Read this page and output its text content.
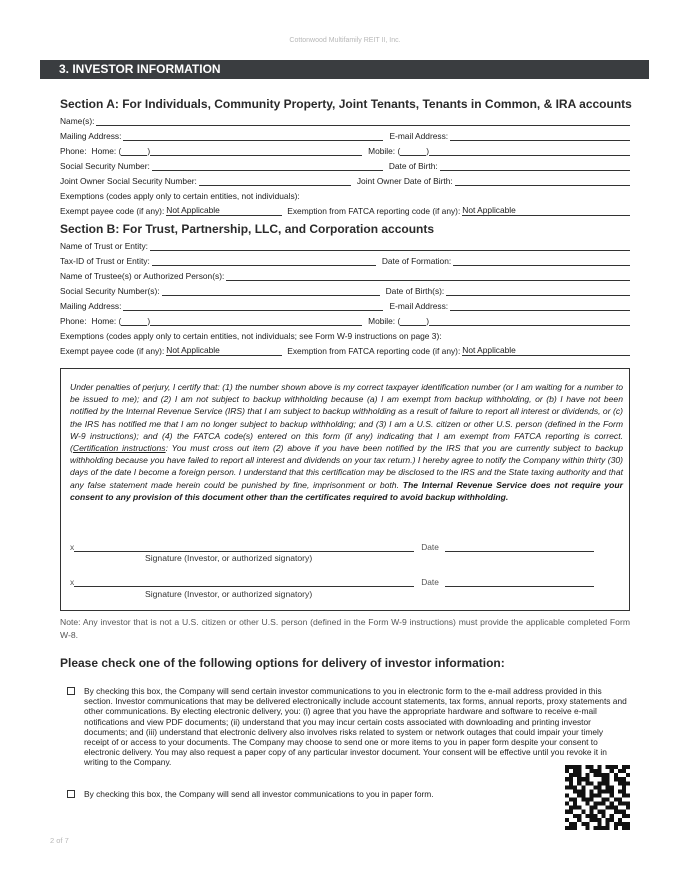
Cottonwood Multifamily REIT II, Inc.
3. INVESTOR INFORMATION
Section A: For Individuals, Community Property, Joint Tenants, Tenants in Common, & IRA accounts
Name(s):
Mailing Address:	E-mail Address:
Phone: Home: (	)	Mobile: (	)
Social Security Number:	Date of Birth:
Joint Owner Social Security Number:	Joint Owner Date of Birth:
Exemptions (codes apply only to certain entities, not individuals):
Exempt payee code (if any): Not Applicable	Exemption from FATCA reporting code (if any): Not Applicable
Section B: For Trust, Partnership, LLC, and Corporation accounts
Name of Trust or Entity:
Tax-ID of Trust or Entity:	Date of Formation:
Name of Trustee(s) or Authorized Person(s):
Social Security Number(s):	Date of Birth(s):
Mailing Address:	E-mail Address:
Phone: Home: (	)	Mobile: (	)
Exemptions (codes apply only to certain entities, not individuals; see Form W-9 instructions on page 3):
Exempt payee code (if any): Not Applicable	Exemption from FATCA reporting code (if any): Not Applicable

Under penalties of perjury, I certify that: (1) the number shown above is my correct taxpayer identification number (or I am waiting for a number to be issued to me); and (2) I am not subject to backup withholding because (a) I am exempt from backup withholding, or (b) I have not been notified by the Internal Revenue Service (IRS) that I am subject to backup withholding as a result of failure to report all interest or dividends, or (c) the IRS has notified me that I am no longer subject to backup withholding; and (3) I am a U.S. citizen or other U.S. person (defined in the Form W-9 instructions); and (4) the FATCA code(s) entered on this form (if any) indicating that I am exempt from FATCA reporting is correct. (Certification instructions: You must cross out item (2) above if you have been notified by the IRS that you are currently subject to backup withholding because you have failed to report all interest and dividends on your tax return.) I hereby agree to notify the Company within thirty (30) days of the date I become a foreign person. I understand that this certification may be disclosed to the IRS and the State taxing authority and that any false statement made herein could be punished by fine, imprisonment or both. The Internal Revenue Service does not require your consent to any provision of this document other than the certificates required to avoid backup withholding.

x	Date
Signature (Investor, or authorized signatory)
x	Date
Signature (Investor, or authorized signatory)

Note: Any investor that is not a U.S. citizen or other U.S. person (defined in the Form W-9 instructions) must provide the applicable completed Form W-8.

Please check one of the following options for delivery of investor information:

By checking this box, the Company will send certain investor communications to you in electronic form to the e-mail address provided in this section. Investor communications that may be delivered electronically include account statements, tax forms, annual reports, proxy statements and other communications. By electing electronic delivery, you: (i) agree that you have the appropriate hardware and software to receive e-mail notifications and view PDF documents; (ii) understand that you may incur certain costs associated with downloading and printing investor documents; and (iii) understand that electronic delivery also involves risks related to system or network outages that could impair your timely receipt of or access to your documents. The Company may choose to send one or more items to you in paper form despite your consent to electronic delivery. You may also request a paper copy of any particular investor document. Your consent will be effective until you revoke it in writing to the Company.

By checking this box, the Company will send all investor communications to you in paper form.

2 of 7
